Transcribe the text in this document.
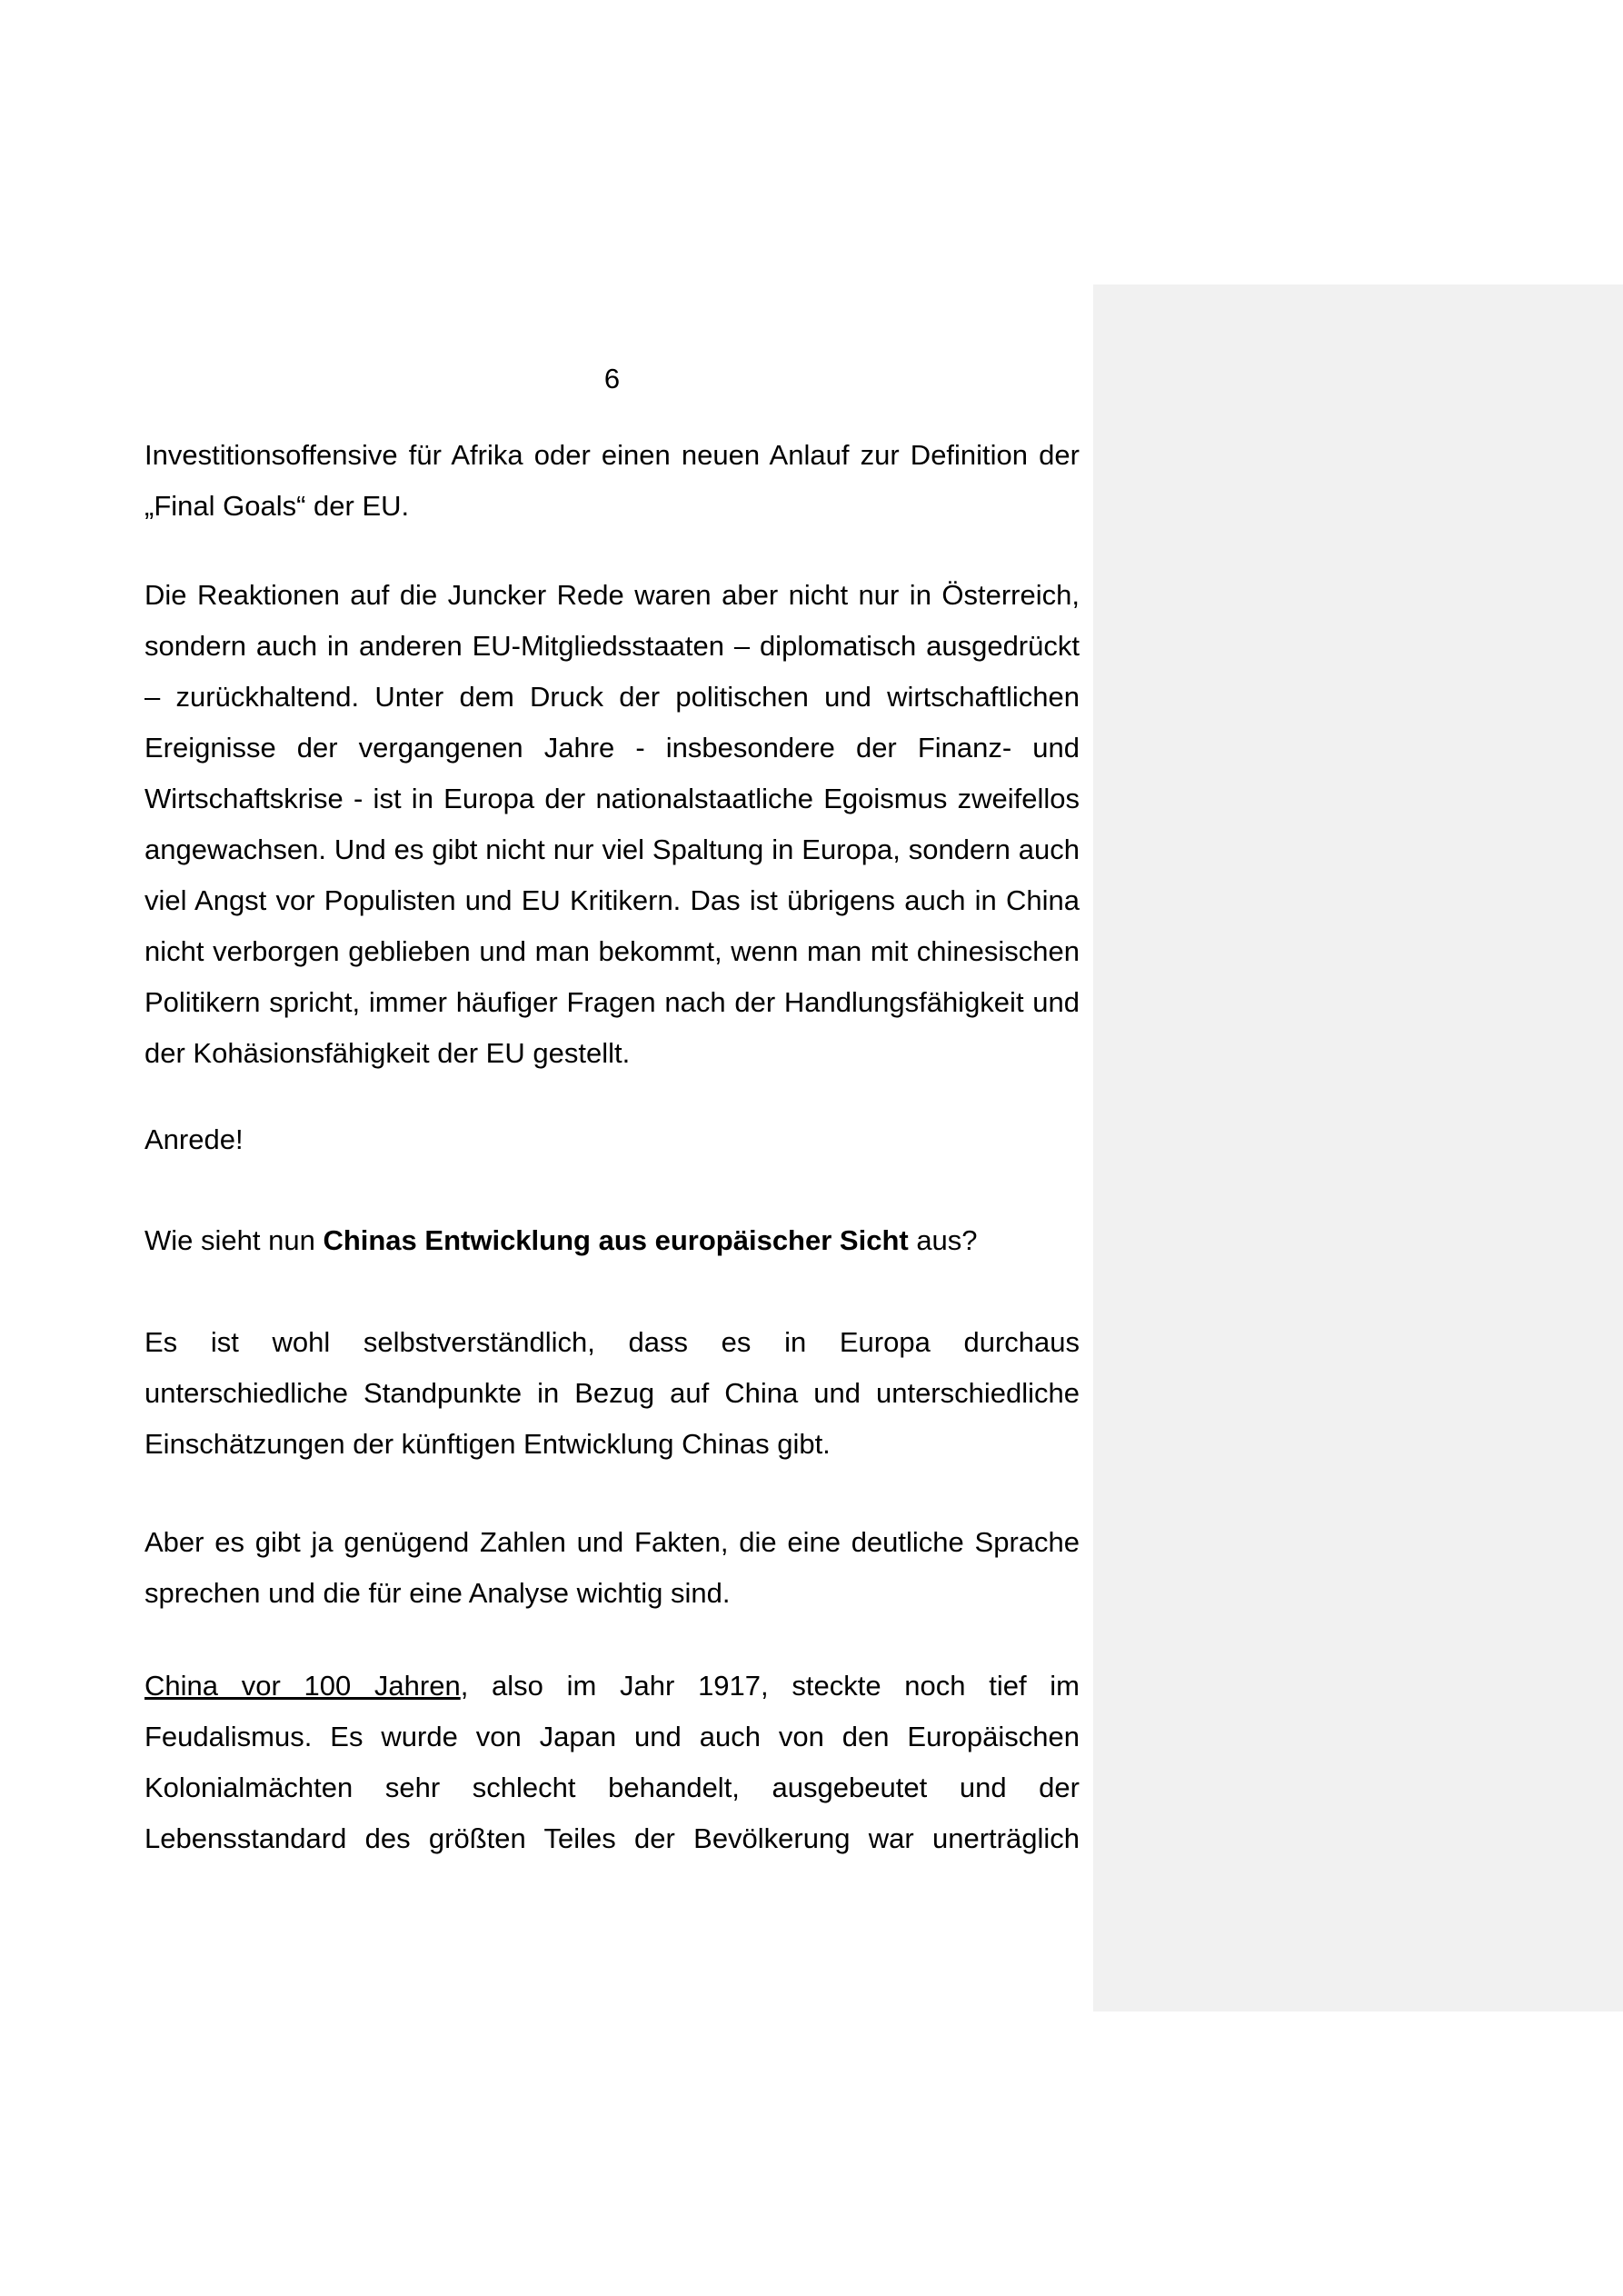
6
Investitionsoffensive für Afrika oder einen neuen Anlauf zur Definition der
„Final Goals“ der EU.
Die Reaktionen auf die Juncker Rede waren aber nicht nur in Österreich,
sondern auch in anderen EU-Mitgliedsstaaten – diplomatisch ausgedrückt
– zurückhaltend. Unter dem Druck der politischen und wirtschaftlichen
Ereignisse der vergangenen Jahre - insbesondere der Finanz- und
Wirtschaftskrise - ist in Europa der nationalstaatliche Egoismus zweifellos
angewachsen. Und es gibt nicht nur viel Spaltung in Europa, sondern auch
viel Angst vor Populisten und EU Kritikern. Das ist übrigens auch in China
nicht verborgen geblieben und man bekommt, wenn man mit chinesischen
Politikern spricht, immer häufiger Fragen nach der Handlungsfähigkeit und
der Kohäsionsfähigkeit der EU gestellt.
Anrede!
Wie sieht nun Chinas Entwicklung aus europäischer Sicht aus?
Es ist wohl selbstverständlich, dass es in Europa durchaus
unterschiedliche Standpunkte in Bezug auf China und unterschiedliche
Einschätzungen der künftigen Entwicklung Chinas gibt.
Aber es gibt ja genügend Zahlen und Fakten, die eine deutliche Sprache
sprechen und die für eine Analyse wichtig sind.
China vor 100 Jahren, also im Jahr 1917, steckte noch tief im
Feudalismus. Es wurde von Japan und auch von den Europäischen
Kolonialmächten sehr schlecht behandelt, ausgebeutet und der
Lebensstandard des größten Teiles der Bevölkerung war unerträglich
